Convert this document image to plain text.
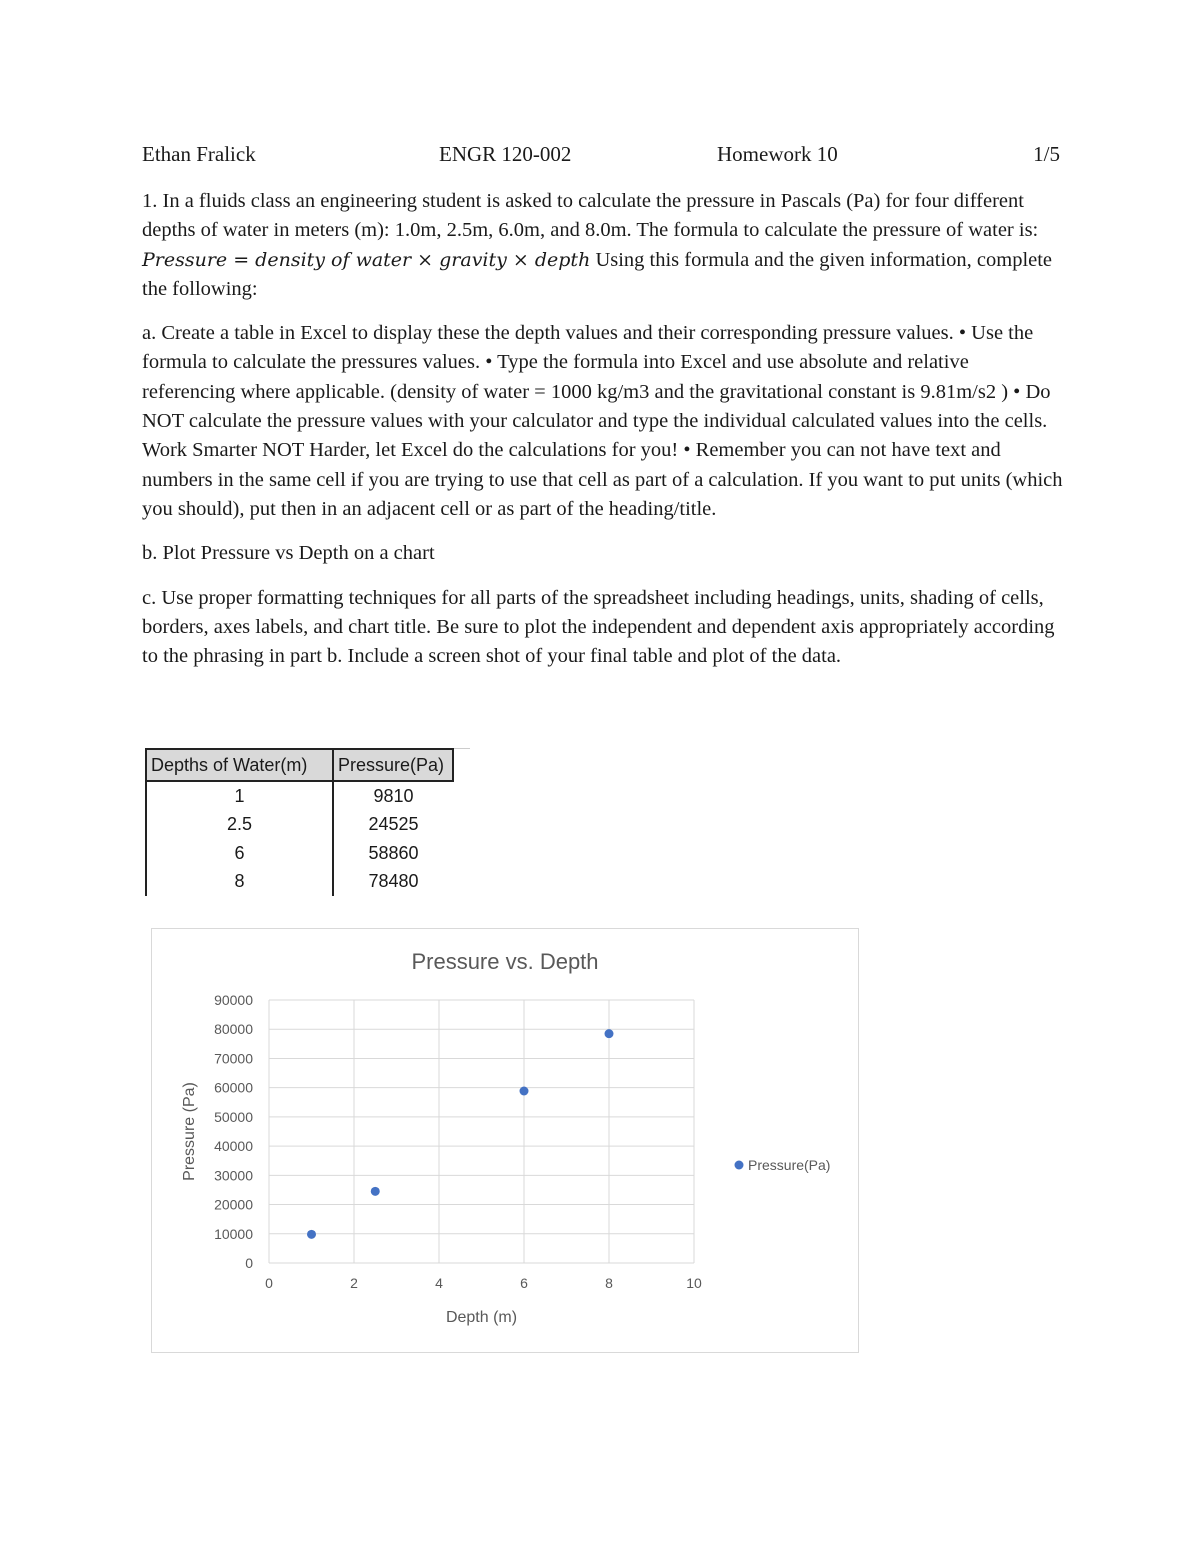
Ethan Fralick	ENGR 120-002	Homework 10	1/5

1. In a fluids class an engineering student is asked to calculate the pressure in Pascals (Pa) for four different depths of water in meters (m): 1.0m, 2.5m, 6.0m, and 8.0m. The formula to calculate the pressure of water is: Pressure = density of water × gravity × depth Using this formula and the given information, complete the following:

a. Create a table in Excel to display these the depth values and their corresponding pressure values. • Use the formula to calculate the pressures values. • Type the formula into Excel and use absolute and relative referencing where applicable. (density of water = 1000 kg/m3 and the gravitational constant is 9.81m/s2 ) • Do NOT calculate the pressure values with your calculator and type the individual calculated values into the cells. Work Smarter NOT Harder, let Excel do the calculations for you! • Remember you can not have text and numbers in the same cell if you are trying to use that cell as part of a calculation. If you want to put units (which you should), put then in an adjacent cell or as part of the heading/title.

b. Plot Pressure vs Depth on a chart

c. Use proper formatting techniques for all parts of the spreadsheet including headings, units, shading of cells, borders, axes labels, and chart title. Be sure to plot the independent and dependent axis appropriately according to the phrasing in part b. Include a screen shot of your final table and plot of the data.

Depths of Water(m)	Pressure(Pa)
1	9810
2.5	24525
6	58860
8	78480
Pressure vs. Depth
0
10000
20000
30000
40000
50000
60000
70000
80000
90000
0	2	4	6	8	10
Depth (m)
Pressure (Pa)	Pressure(Pa)
